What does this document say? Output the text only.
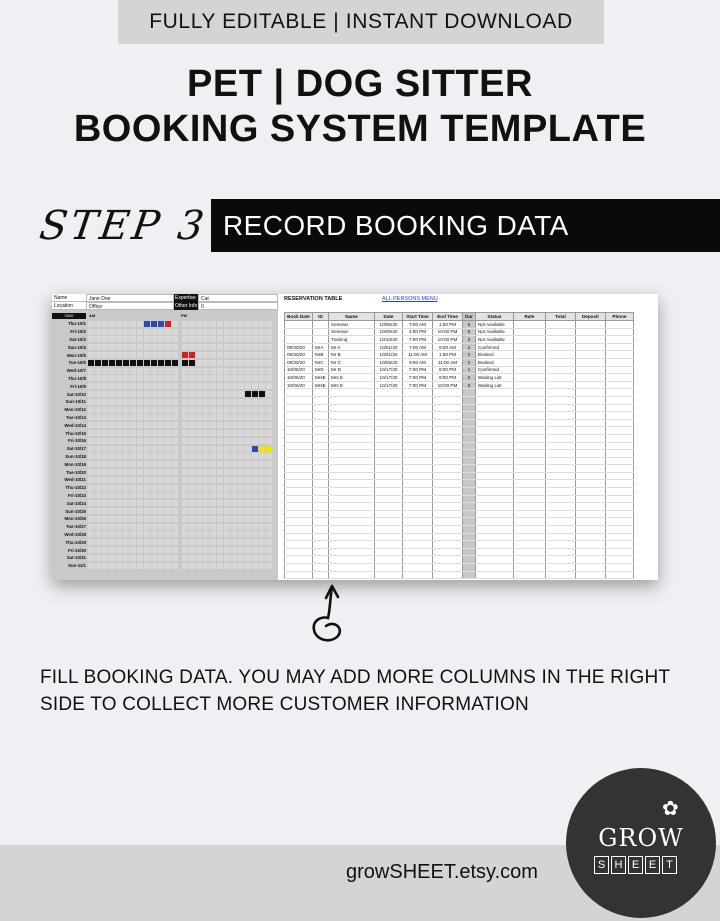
FULLY EDITABLE | INSTANT DOWNLOAD
PET | DOG SITTER
BOOKING SYSTEM TEMPLATE
STEP 3 RECORD BOOKING DATA
Name	Jane Doe	Expertise	Cat
Location	Office	Other Info 0
2020	AM	PM
Thu-10/1
Fri-10/2
Sat-10/3
Sun-10/4
Mon-10/5
Tue-10/6
Wed-10/7
Thu-10/8
Fri-10/9
Sat-10/10
Sun-10/11
Mon-10/12
Tue-10/13
Wed-10/14
Thu-10/15
Fri-10/16
Sat-10/17
Sun-10/18
Mon-10/19
Tue-10/20
Wed-10/21
Thu-10/22
Fri-10/23
Sat-10/24
Sun-10/25
Mon-10/26
Tue-10/27
Wed-10/28
Thu-10/29
Fri-10/30
Sat-10/31
Sun-11/1
RESERVATION TABLE	ALL PERSONS MENU
Book Date	ID	Name	Date	Start Time	End Time	Dur	Status	Rate	Total	Deposit	Phone
		Seminar	10/06/20	7:00 AM	1:00 PM	6	Not Available				
		Seminar	10/06/20	4:00 PM	10:00 PM	6	Not Available				
		Training	10/10/20	7:00 PM	10:00 PM	3	Not Available				
09/30/20	MrA	Mr A	10/01/20	7:00 AM	9:00 AM	2	Confirmed				
09/30/20	MrB	Mr B	10/01/20	11:00 AM	1:00 PM	2	Booked				
09/30/20	MrC	Mr C	10/05/20	9:00 AM	11:00 AM	2	Booked				
10/05/20	MrD	Mr D	10/17/20	7:00 PM	8:00 PM	1	Confirmed				
10/06/20	MrsE	Mrs E	10/17/20	7:00 PM	9:00 PM	2	Waiting List				
10/06/20	MrsE	Mrs E	10/17/20	7:00 PM	10:00 PM	3	Waiting List				

FILL BOOKING DATA. YOU MAY ADD MORE COLUMNS IN THE RIGHT
SIDE TO COLLECT MORE CUSTOMER INFORMATION
growSHEET.etsy.com
✿
GROW
S H E E T
